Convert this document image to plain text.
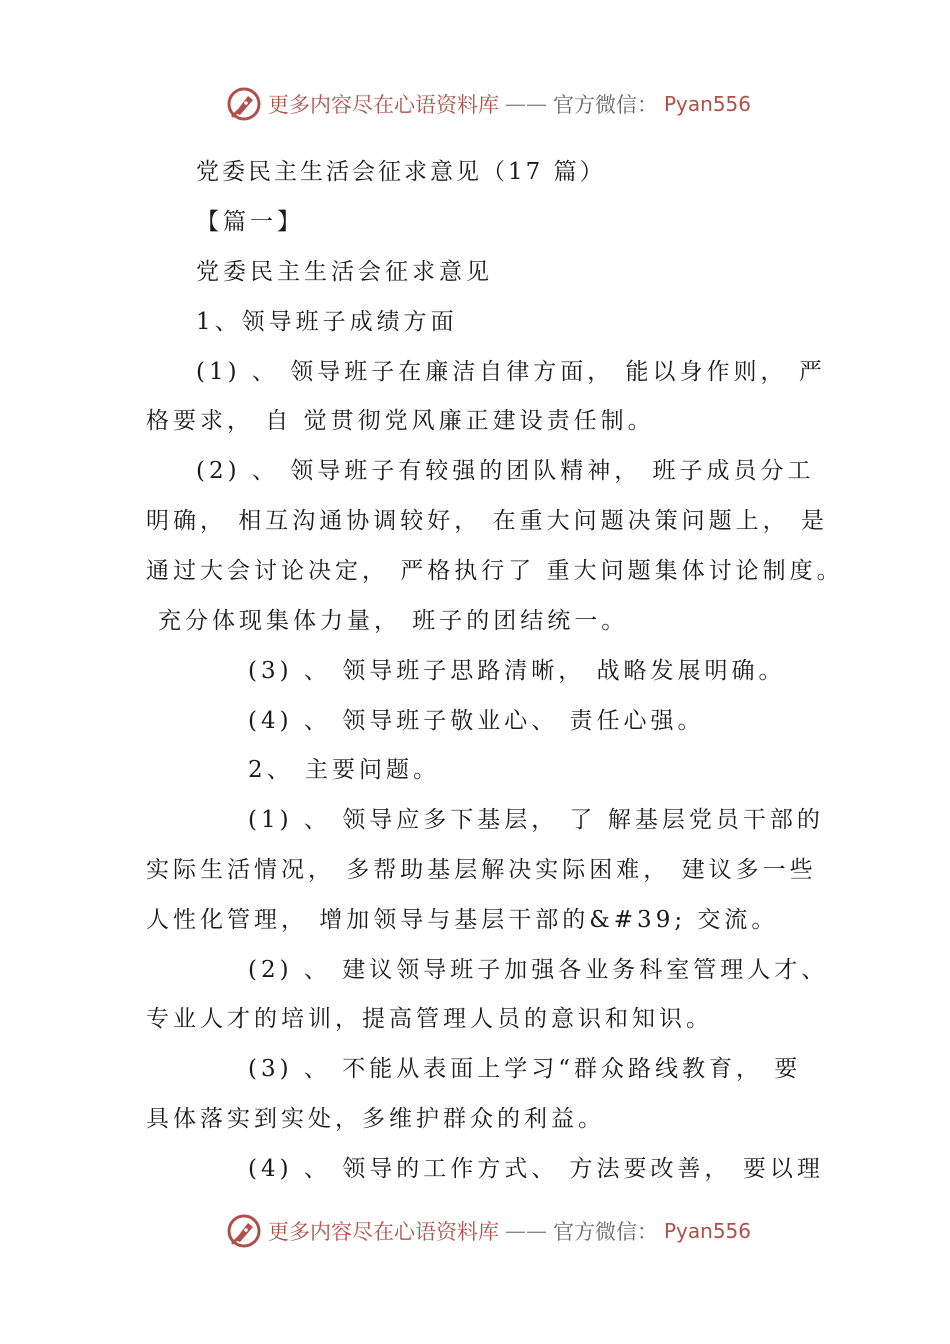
更多内容尽在心语资料库 —— 官方微信： Pyan556

党委民主生活会征求意见（17 篇）

【篇一】

党委民主生活会征求意见

1、领导班子成绩方面

(1) 、 领导班子在廉洁自律方面， 能以身作则， 严

格要求， 自 觉贯彻党风廉正建设责任制。

(2) 、 领导班子有较强的团队精神， 班子成员分工

明确， 相互沟通协调较好， 在重大问题决策问题上， 是

通过大会讨论决定， 严格执行了 重大问题集体讨论制度。

充分体现集体力量， 班子的团结统一。

(3) 、 领导班子思路清晰， 战略发展明确。

(4) 、 领导班子敬业心、 责任心强。

2、 主要问题。

(1) 、 领导应多下基层， 了 解基层党员干部的

实际生活情况， 多帮助基层解决实际困难， 建议多一些

人性化管理， 增加领导与基层干部的&#39; 交流。

(2) 、 建议领导班子加强各业务科室管理人才、

专业人才的培训，提高管理人员的意识和知识。

(3) 、 不能从表面上学习“群众路线教育， 要

具体落实到实处，多维护群众的利益。

(4) 、 领导的工作方式、 方法要改善， 要以理

更多内容尽在心语资料库 —— 官方微信： Pyan556
